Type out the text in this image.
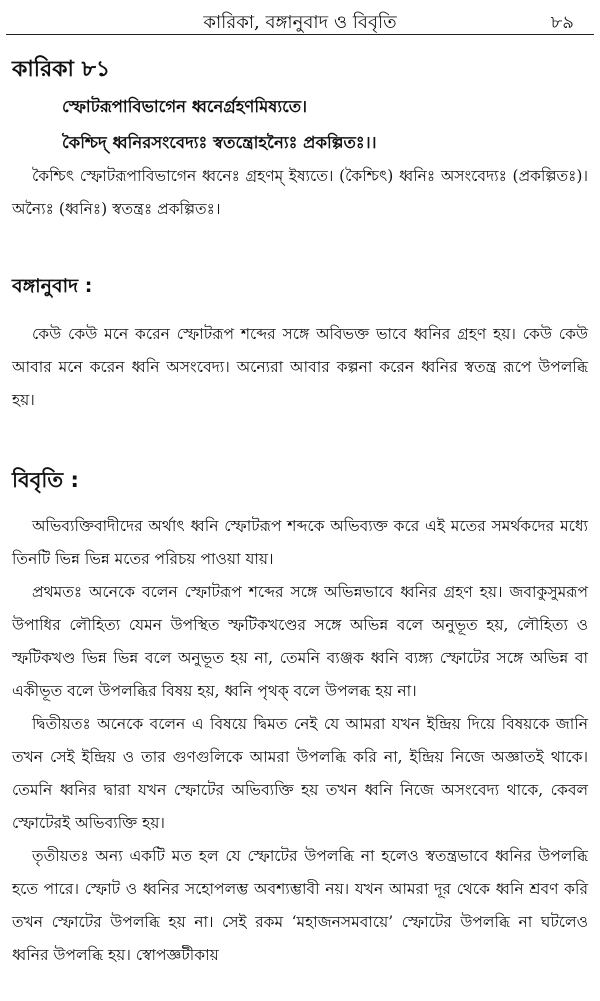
কারিকা, বঙ্গানুবাদ ও বিবৃতি	৮৯
কারিকা ৮১
স্ফোটরূপাবিভাগেন ধ্বনের্গ্রহণমিষ্যতে।
কৈশ্চিদ্ ধ্বনিরসংবেদ্যঃ স্বতন্ত্রোহন্যৈঃ প্রকল্পিতঃ।।

কৈশ্চিৎ স্ফোটরূপাবিভাগেন ধ্বনেঃ গ্রহণম্ ইষ্যতে। (কৈশ্চিৎ) ধ্বনিঃ অসংবেদ্যঃ (প্রকল্পিতঃ)। অন্যৈঃ (ধ্বনিঃ) স্বতন্ত্রঃ প্রকল্পিতঃ।

বঙ্গানুবাদ :

কেউ কেউ মনে করেন স্ফোটরূপ শব্দের সঙ্গে অবিভক্ত ভাবে ধ্বনির গ্রহণ হয়। কেউ কেউ আবার মনে করেন ধ্বনি অসংবেদ্য। অন্যেরা আবার কল্পনা করেন ধ্বনির স্বতন্ত্র রূপে উপলব্ধি হয়।

বিবৃতি :

অভিব্যক্তিবাদীদের অর্থাৎ ধ্বনি স্ফোটরূপ শব্দকে অভিব্যক্ত করে এই মতের সমর্থকদের মধ্যে তিনটি ভিন্ন ভিন্ন মতের পরিচয় পাওয়া যায়।

প্রথমতঃ অনেকে বলেন স্ফোটরূপ শব্দের সঙ্গে অভিন্নভাবে ধ্বনির গ্রহণ হয়। জবাকুসুমরূপ উপাধির লৌহিত্য যেমন উপস্থিত স্ফটিকখণ্ডের সঙ্গে অভিন্ন বলে অনুভূত হয়, লৌহিত্য ও স্ফটিকখণ্ড ভিন্ন ভিন্ন বলে অনুভূত হয় না, তেমনি ব্যঞ্জক ধ্বনি ব্যঙ্গ্য স্ফোটের সঙ্গে অভিন্ন বা একীভূত বলে উপলব্ধির বিষয় হয়, ধ্বনি পৃথক্ বলে উপলব্ধ হয় না।

দ্বিতীয়তঃ অনেকে বলেন এ বিষয়ে দ্বিমত নেই যে আমরা যখন ইন্দ্রিয় দিয়ে বিষয়কে জানি তখন সেই ইন্দ্রিয় ও তার গুণগুলিকে আমরা উপলব্ধি করি না, ইন্দ্রিয় নিজে অজ্ঞাতই থাকে। তেমনি ধ্বনির দ্বারা যখন স্ফোটের অভিব্যক্তি হয় তখন ধ্বনি নিজে অসংবেদ্য থাকে, কেবল স্ফোটেরই অভিব্যক্তি হয়।

তৃতীয়তঃ অন্য একটি মত হল যে স্ফোটের উপলব্ধি না হলেও স্বতন্ত্রভাবে ধ্বনির উপলব্ধি হতে পারে। স্ফোট ও ধ্বনির সহোপলম্ভ অবশ্যম্ভাবী নয়। যখন আমরা দূর থেকে ধ্বনি শ্রবণ করি তখন স্ফোটের উপলব্ধি হয় না। সেই রকম ‘মহাজনসমবায়ে’ স্ফোটের উপলব্ধি না ঘটলেও ধ্বনির উপলব্ধি হয়। স্বোপজ্ঞটীকায়
